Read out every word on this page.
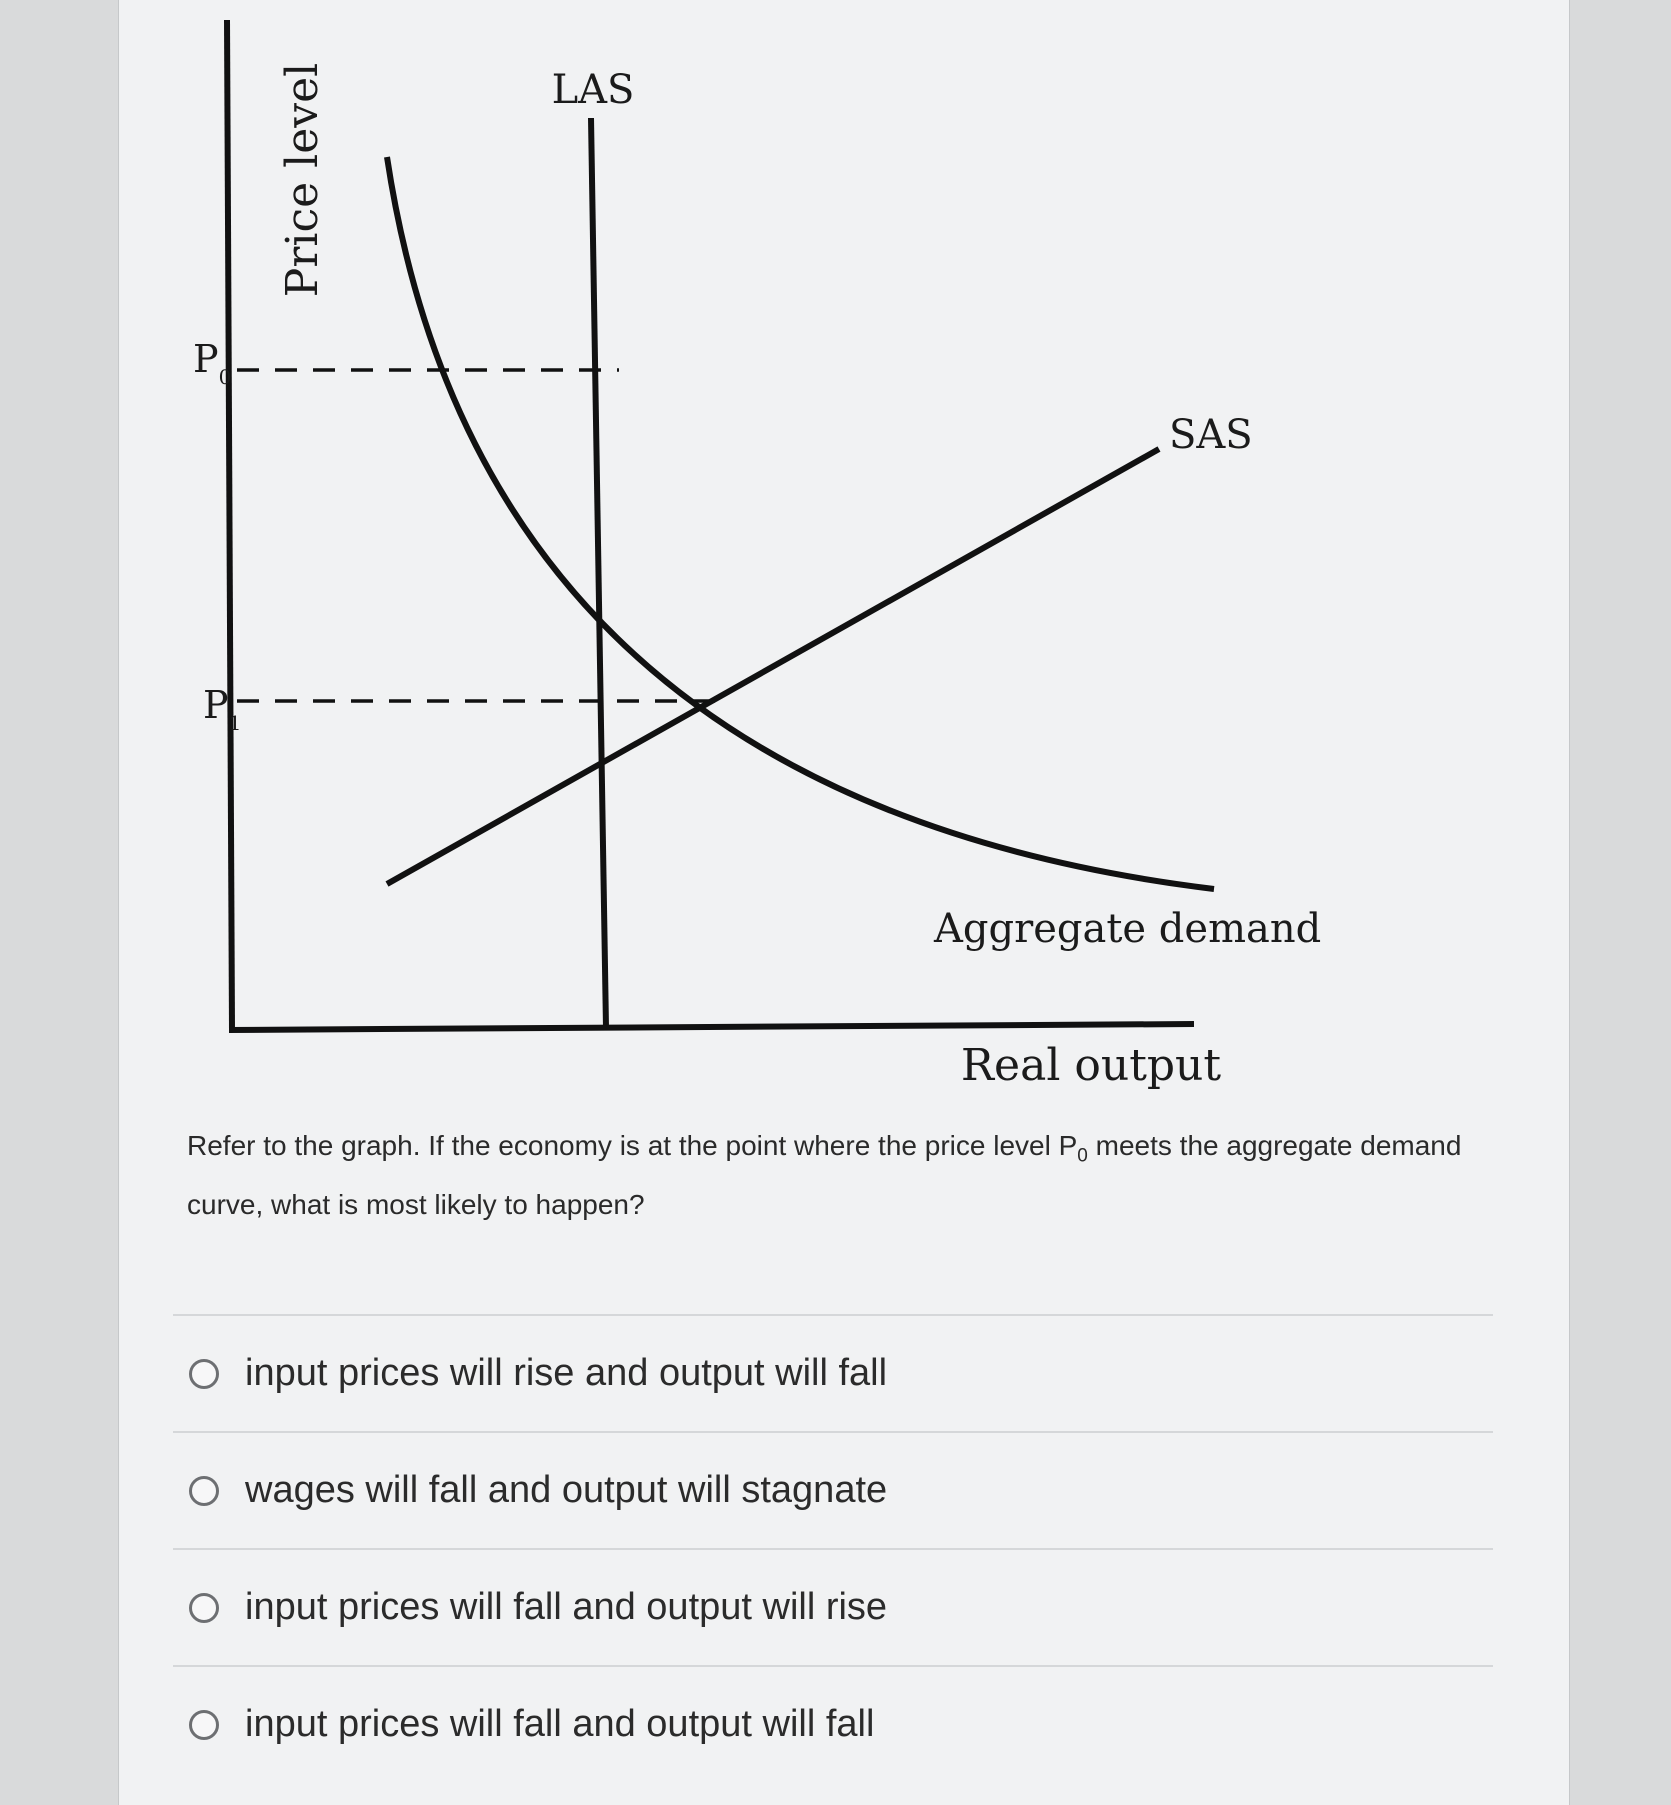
Price level
Real output
$P_0$
$P_1$
LAS
SAS
Aggregate demand
Refer to the graph. If the economy is at the point where the price level $P_0$ meets the aggregate demand curve, what is most likely to happen?
input prices will rise and output will fall
wages will fall and output will stagnate
input prices will fall and output will rise
input prices will fall and output will fall
